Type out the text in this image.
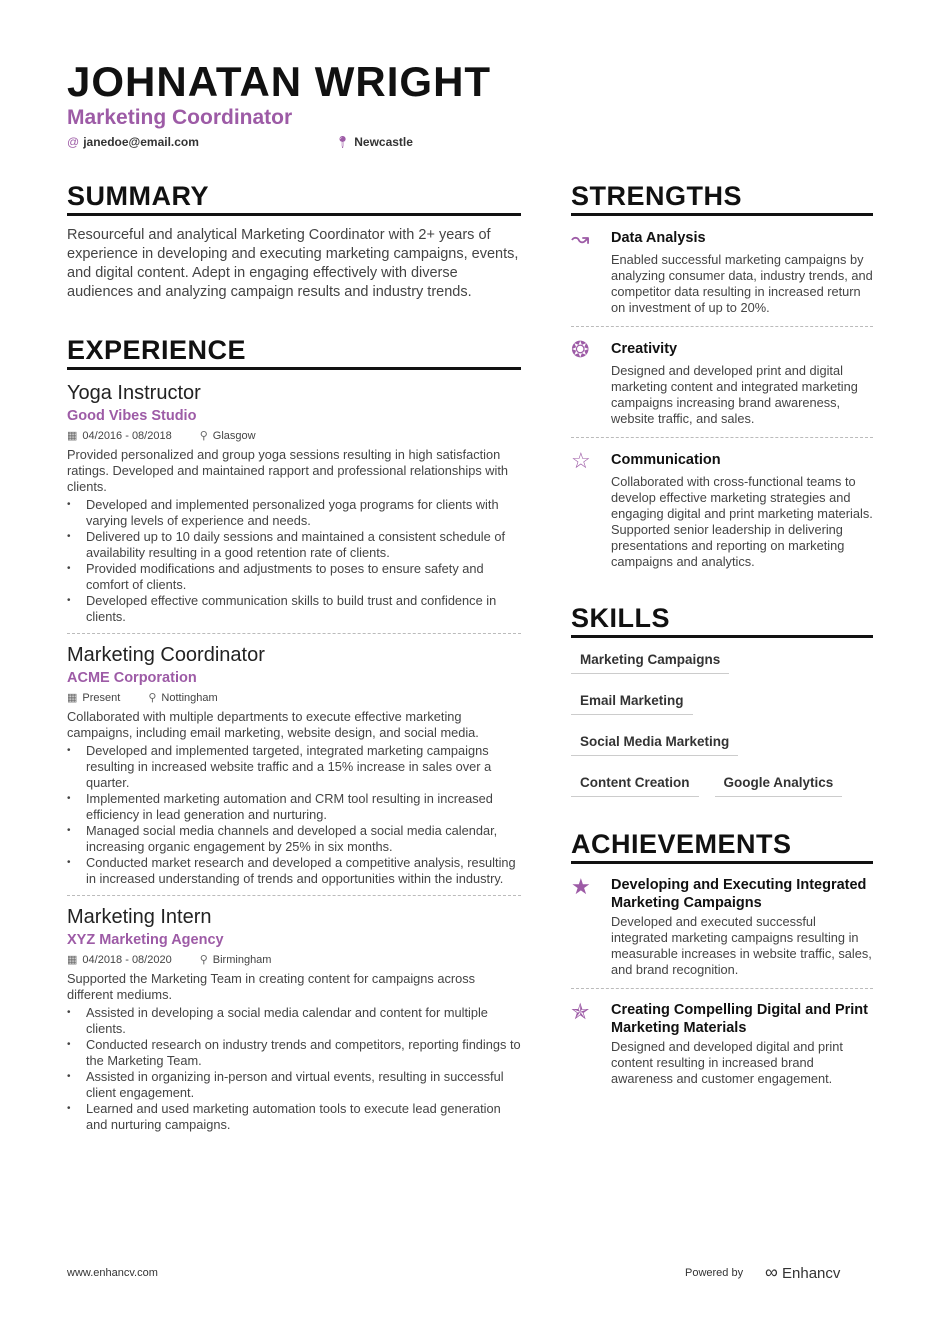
JOHNATAN WRIGHT
Marketing Coordinator
@ janedoe@email.com	📍︎ Newcastle
SUMMARY

Resourceful and analytical Marketing Coordinator with 2+ years of experience in developing and executing marketing campaigns, events, and digital content. Adept in engaging effectively with diverse audiences and analyzing campaign results and industry trends.

EXPERIENCE
Yoga Instructor
Good Vibes Studio
▦ 04/2016 - 08/2018	⚲ Glasgow
Provided personalized and group yoga sessions resulting in high satisfaction ratings. Developed and maintained rapport and professional relationships with clients.
• Developed and implemented personalized yoga programs for clients with varying levels of experience and needs.
• Delivered up to 10 daily sessions and maintained a consistent schedule of availability resulting in a good retention rate of clients.
• Provided modifications and adjustments to poses to ensure safety and comfort of clients.
• Developed effective communication skills to build trust and confidence in clients.
Marketing Coordinator
ACME Corporation
▦ Present	⚲ Nottingham
Collaborated with multiple departments to execute effective marketing campaigns, including email marketing, website design, and social media.
• Developed and implemented targeted, integrated marketing campaigns resulting in increased website traffic and a 15% increase in sales over a quarter.
• Implemented marketing automation and CRM tool resulting in increased efficiency in lead generation and nurturing.
• Managed social media channels and developed a social media calendar, increasing organic engagement by 25% in six months.
• Conducted market research and developed a competitive analysis, resulting in increased understanding of trends and opportunities within the industry.
Marketing Intern
XYZ Marketing Agency
▦ 04/2018 - 08/2020	⚲ Birmingham
Supported the Marketing Team in creating content for campaigns across different mediums.
• Assisted in developing a social media calendar and content for multiple clients.
• Conducted research on industry trends and competitors, reporting findings to the Marketing Team.
• Assisted in organizing in-person and virtual events, resulting in successful client engagement.
• Learned and used marketing automation tools to execute lead generation and nurturing campaigns.
STRENGTHS
↝	Data Analysis
Enabled successful marketing campaigns by analyzing consumer data, industry trends, and competitor data resulting in increased return on investment of up to 20%.
❂	Creativity
Designed and developed print and digital marketing content and integrated marketing campaigns increasing brand awareness, website traffic, and sales.
☆	Communication
Collaborated with cross-functional teams to develop effective marketing strategies and engaging digital and print marketing materials. Supported senior leadership in delivering presentations and reporting on marketing campaigns and analytics.
SKILLS
Marketing Campaigns
Email Marketing
Social Media Marketing
Content Creation	Google Analytics
ACHIEVEMENTS
★	Developing and Executing Integrated Marketing Campaigns
Developed and executed successful integrated marketing campaigns resulting in measurable increases in website traffic, sales, and brand recognition.
✯	Creating Compelling Digital and Print Marketing Materials
Designed and developed digital and print content resulting in increased brand awareness and customer engagement.
www.enhancv.com	Powered by ∞ Enhancv
